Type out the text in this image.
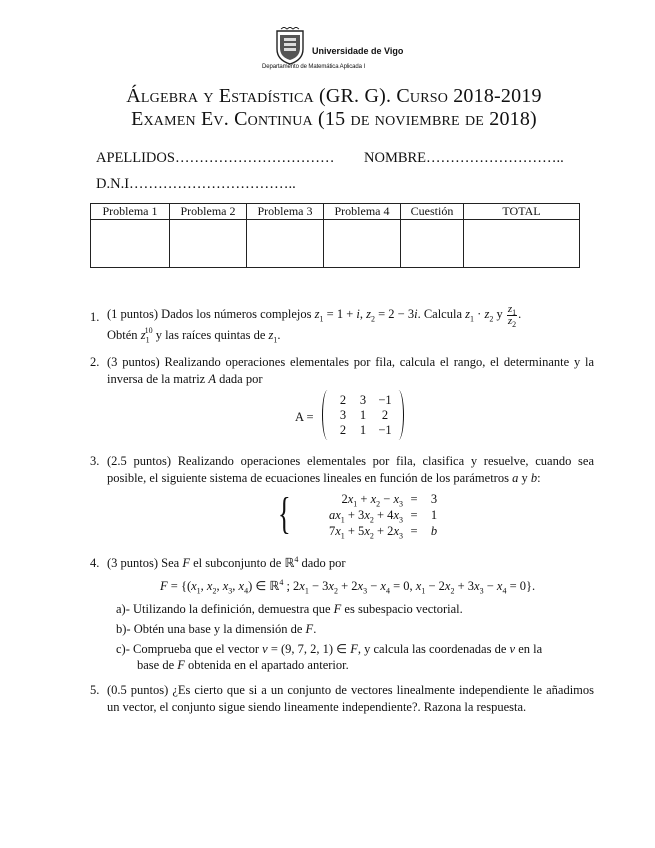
Universidade de Vigo
Departamento de Matemática Aplicada I
Álgebra y Estadística (GR. G). Curso 2018-2019
Examen Ev. Continua (15 de noviembre de 2018)
APELLIDOS…………………………… NOMBRE………………………..
D.N.I……………………………..
Problema 1	Problema 2	Problema 3	Problema 4	Cuestión	TOTAL

1. (1 puntos) Dados los números complejos $z_1 = 1 + i$, $z_2 = 2 - 3i$. Calcula $z_1 \cdot z_2$ y $\frac{z_1}{z_2}$ .

Obtén $z_1^{10}$ y las raíces quintas de $z_1$.

2. (3 puntos) Realizando operaciones elementales por fila, calcula el rango, el determinante y la inversa de la matriz A dada por
A =
2	3 −1
3	1	2
2	1 −1
3. (2.5 puntos) Realizando operaciones elementales por fila, clasifica y resuelve, cuando sea posible, el siguiente sistema de ecuaciones lineales en función de los parámetros a y b:
{	$2x_1 + x_2 - x_3 = 3$
$ax_1 + 3x_2 + 4x_3 = 1$
$7x_1 + 5x_2 + 2x_3 = b$
4. (3 puntos) Sea F el subconjunto de ℝ$^4$ dado por
$F = \{(x_1$, $x_2$, $x_3$, $x_4$) ∈ ℝ$^4$ ; $2x_1 - 3x_2 + 2x_3 - x_4 = 0$, $x_1 - 2x_2 + 3x_3 - x_4 = 0$}.
a)- Utilizando la definición, demuestra que F es subespacio vectorial.
b)- Obtén una base y la dimensión de F.
c)- Comprueba que el vector v = (9, 7, 2, 1) ∈ F, y calcula las coordenadas de v en la
base de F obtenida en el apartado anterior.
5. (0.5 puntos) ¿Es cierto que si a un conjunto de vectores linealmente independiente le añadimos un vector, el conjunto sigue siendo lineamente independiente?. Razona la respuesta.
